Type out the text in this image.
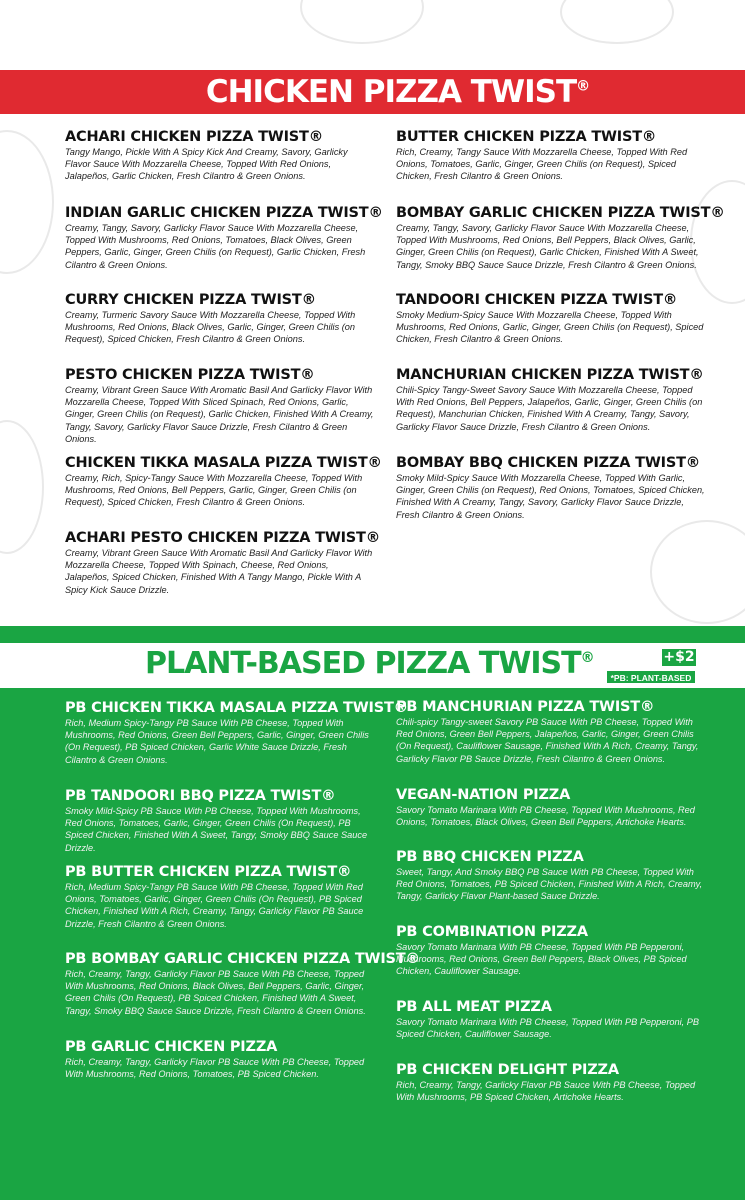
CHICKEN PIZZA TWIST®
ACHARI CHICKEN PIZZA TWIST®
Tangy Mango, Pickle With A Spicy Kick And Creamy, Savory, Garlicky Flavor Sauce With Mozzarella Cheese, Topped With Red Onions, Jalapeños, Garlic Chicken, Fresh Cilantro & Green Onions.
INDIAN GARLIC CHICKEN PIZZA TWIST®
Creamy, Tangy, Savory, Garlicky Flavor Sauce With Mozzarella Cheese, Topped With Mushrooms, Red Onions, Tomatoes, Black Olives, Green Peppers, Garlic, Ginger, Green Chilis (on Request), Garlic Chicken, Fresh Cilantro & Green Onions.
CURRY CHICKEN PIZZA TWIST®
Creamy, Turmeric Savory Sauce With Mozzarella Cheese, Topped With Mushrooms, Red Onions, Black Olives, Garlic, Ginger, Green Chilis (on Request), Spiced Chicken, Fresh Cilantro & Green Onions.
PESTO CHICKEN PIZZA TWIST®
Creamy, Vibrant Green Sauce With Aromatic Basil And Garlicky Flavor With Mozzarella Cheese, Topped With Sliced Spinach, Red Onions, Garlic, Ginger, Green Chilis (on Request), Garlic Chicken, Finished With A Creamy, Tangy, Savory, Garlicky Flavor Sauce Drizzle, Fresh Cilantro & Green Onions.
CHICKEN TIKKA MASALA PIZZA TWIST®
Creamy, Rich, Spicy-Tangy Sauce With Mozzarella Cheese, Topped With Mushrooms, Red Onions, Bell Peppers, Garlic, Ginger, Green Chilis (on Request), Spiced Chicken, Fresh Cilantro & Green Onions.
ACHARI PESTO CHICKEN PIZZA TWIST®
Creamy, Vibrant Green Sauce With Aromatic Basil And Garlicky Flavor With Mozzarella Cheese, Topped With Spinach, Cheese, Red Onions, Jalapeños, Spiced Chicken, Finished With A Tangy Mango, Pickle With A Spicy Kick Sauce Drizzle.
BUTTER CHICKEN PIZZA TWIST®
Rich, Creamy, Tangy Sauce With Mozzarella Cheese, Topped With Red Onions, Tomatoes, Garlic, Ginger, Green Chilis (on Request), Spiced Chicken, Fresh Cilantro & Green Onions.
BOMBAY GARLIC CHICKEN PIZZA TWIST®
Creamy, Tangy, Savory, Garlicky Flavor Sauce With Mozzarella Cheese, Topped With Mushrooms, Red Onions, Bell Peppers, Black Olives, Garlic, Ginger, Green Chilis (on Request), Garlic Chicken, Finished With A Sweet, Tangy, Smoky BBQ Sauce Sauce Drizzle, Fresh Cilantro & Green Onions.
TANDOORI CHICKEN PIZZA TWIST®
Smoky Medium-Spicy Sauce With Mozzarella Cheese, Topped With Mushrooms, Red Onions, Garlic, Ginger, Green Chilis (on Request), Spiced Chicken, Fresh Cilantro & Green Onions.
MANCHURIAN CHICKEN PIZZA TWIST®
Chili-Spicy Tangy-Sweet Savory Sauce With Mozzarella Cheese, Topped With Red Onions, Bell Peppers, Jalapeños, Garlic, Ginger, Green Chilis (on Request), Manchurian Chicken, Finished With A Creamy, Tangy, Savory, Garlicky Flavor Sauce Drizzle, Fresh Cilantro & Green Onions.
BOMBAY BBQ CHICKEN PIZZA TWIST®
Smoky Mild-Spicy Sauce With Mozzarella Cheese, Topped With Garlic, Ginger, Green Chilis (on Request), Red Onions, Tomatoes, Spiced Chicken, Finished With A Creamy, Tangy, Savory, Garlicky Flavor Sauce Drizzle, Fresh Cilantro & Green Onions.
PLANT-BASED PIZZA TWIST®	+$2
*PB: PLANT-BASED
PB CHICKEN TIKKA MASALA PIZZA TWIST®
Rich, Medium Spicy-Tangy PB Sauce With PB Cheese, Topped With Mushrooms, Red Onions, Green Bell Peppers, Garlic, Ginger, Green Chilis (On Request), PB Spiced Chicken, Garlic White Sauce Drizzle, Fresh Cilantro & Green Onions.
PB TANDOORI BBQ PIZZA TWIST®
Smoky Mild-Spicy PB Sauce With PB Cheese, Topped With Mushrooms, Red Onions, Tomatoes, Garlic, Ginger, Green Chilis (On Request), PB Spiced Chicken, Finished With A Sweet, Tangy, Smoky BBQ Sauce Sauce Drizzle.
PB BUTTER CHICKEN PIZZA TWIST®
Rich, Medium Spicy-Tangy PB Sauce With PB Cheese, Topped With Red Onions, Tomatoes, Garlic, Ginger, Green Chilis (On Request), PB Spiced Chicken, Finished With A Rich, Creamy, Tangy, Garlicky Flavor PB Sauce Drizzle, Fresh Cilantro & Green Onions.
PB BOMBAY GARLIC CHICKEN PIZZA TWIST®
Rich, Creamy, Tangy, Garlicky Flavor PB Sauce With PB Cheese, Topped With Mushrooms, Red Onions, Black Olives, Bell Peppers, Garlic, Ginger, Green Chilis (On Request), PB Spiced Chicken, Finished With A Sweet, Tangy, Smoky BBQ Sauce Sauce Drizzle, Fresh Cilantro & Green Onions.
PB GARLIC CHICKEN PIZZA
Rich, Creamy, Tangy, Garlicky Flavor PB Sauce With PB Cheese, Topped With Mushrooms, Red Onions, Tomatoes, PB Spiced Chicken.
PB MANCHURIAN PIZZA TWIST®
Chili-spicy Tangy-sweet Savory PB Sauce With PB Cheese, Topped With Red Onions, Green Bell Peppers, Jalapeños, Garlic, Ginger, Green Chilis (On Request), Cauliflower Sausage, Finished With A Rich, Creamy, Tangy, Garlicky Flavor PB Sauce Drizzle, Fresh Cilantro & Green Onions.
VEGAN-NATION PIZZA
Savory Tomato Marinara With PB Cheese, Topped With Mushrooms, Red Onions, Tomatoes, Black Olives, Green Bell Peppers, Artichoke Hearts.
PB BBQ CHICKEN PIZZA
Sweet, Tangy, And Smoky BBQ PB Sauce With PB Cheese, Topped With Red Onions, Tomatoes, PB Spiced Chicken, Finished With A Rich, Creamy, Tangy, Garlicky Flavor Plant-based Sauce Drizzle.
PB COMBINATION PIZZA
Savory Tomato Marinara With PB Cheese, Topped With PB Pepperoni, Mushrooms, Red Onions, Green Bell Peppers, Black Olives, PB Spiced Chicken, Cauliflower Sausage.
PB ALL MEAT PIZZA
Savory Tomato Marinara With PB Cheese, Topped With PB Pepperoni, PB Spiced Chicken, Cauliflower Sausage.
PB CHICKEN DELIGHT PIZZA
Rich, Creamy, Tangy, Garlicky Flavor PB Sauce With PB Cheese, Topped With Mushrooms, PB Spiced Chicken, Artichoke Hearts.
